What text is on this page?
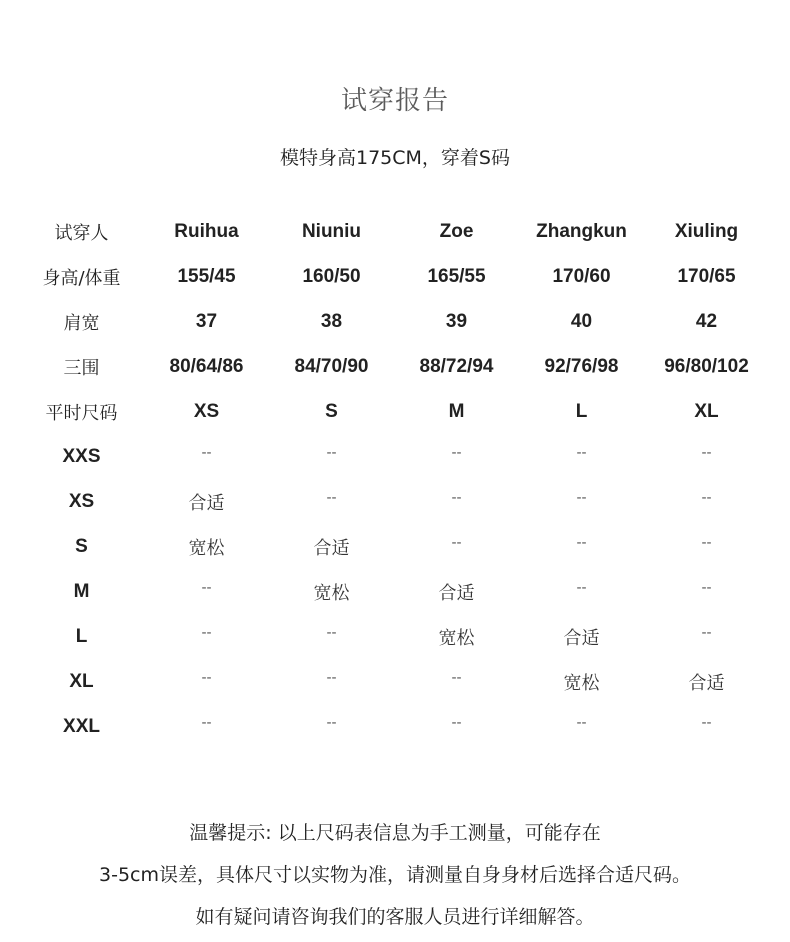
试穿报告
模特身高175CM，穿着S码
试穿人	Ruihua	Niuniu	Zoe	Zhangkun	Xiuling
身高/体重	155/45	160/50	165/55	170/60	170/65
肩宽	37	38	39	40	42
三围	80/64/86	84/70/90	88/72/94	92/76/98	96/80/102
平时尺码	XS	S	M	L	XL
XXS	--	--	--	--	--
XS	合适	--	--	--	--
S	宽松	合适	--	--	--
M	--	宽松	合适	--	--
L	--	--	宽松	合适	--
XL	--	--	--	宽松	合适
XXL	--	--	--	--	--
温馨提示: 以上尺码表信息为手工测量，可能存在
3-5cm误差，具体尺寸以实物为准，请测量自身身材后选择合适尺码。
如有疑问请咨询我们的客服人员进行详细解答。
